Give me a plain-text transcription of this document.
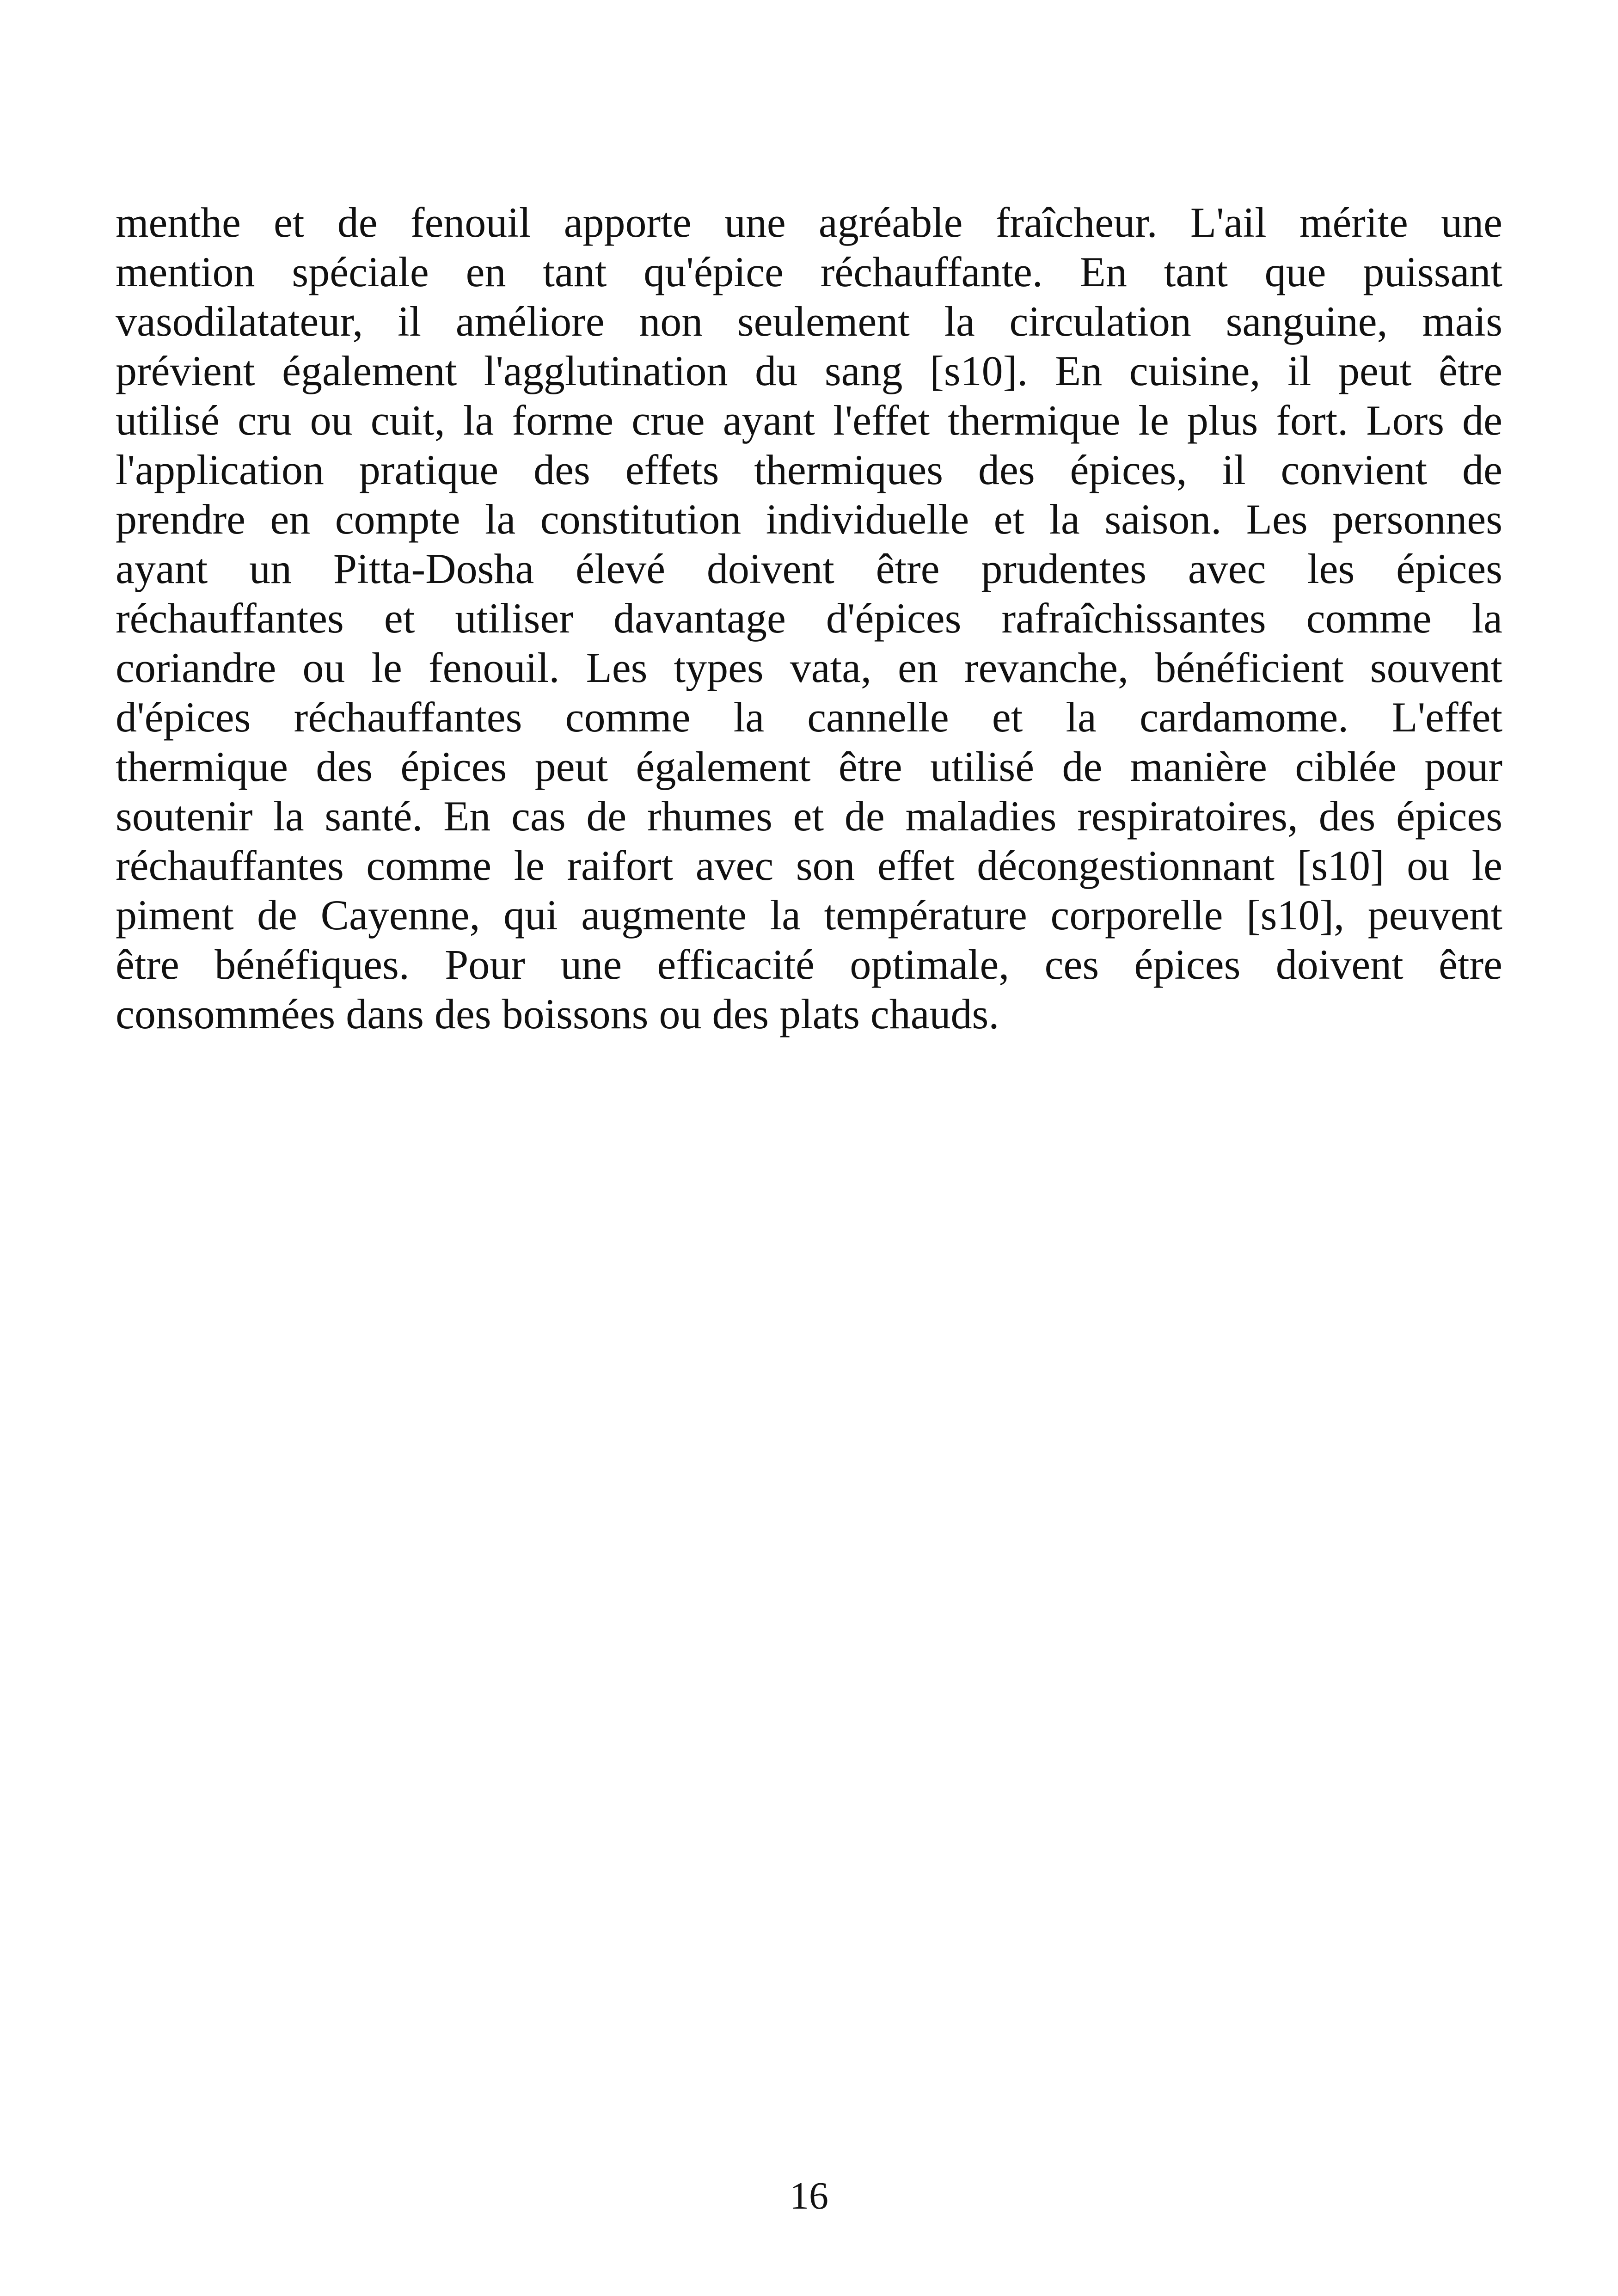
menthe et de fenouil apporte une agréable fraîcheur. L'ail mérite une
mention spéciale en tant qu'épice réchauffante. En tant que puissant
vasodilatateur, il améliore non seulement la circulation sanguine, mais
prévient également l'agglutination du sang [s10]. En cuisine, il peut être
utilisé cru ou cuit, la forme crue ayant l'effet thermique le plus fort. Lors de
l'application pratique des effets thermiques des épices, il convient de
prendre en compte la constitution individuelle et la saison. Les personnes
ayant un Pitta-Dosha élevé doivent être prudentes avec les épices
réchauffantes et utiliser davantage d'épices rafraîchissantes comme la
coriandre ou le fenouil. Les types vata, en revanche, bénéficient souvent
d'épices réchauffantes comme la cannelle et la cardamome. L'effet
thermique des épices peut également être utilisé de manière ciblée pour
soutenir la santé. En cas de rhumes et de maladies respiratoires, des épices
réchauffantes comme le raifort avec son effet décongestionnant [s10] ou le
piment de Cayenne, qui augmente la température corporelle [s10], peuvent
être bénéfiques. Pour une efficacité optimale, ces épices doivent être
consommées dans des boissons ou des plats chauds.
16
